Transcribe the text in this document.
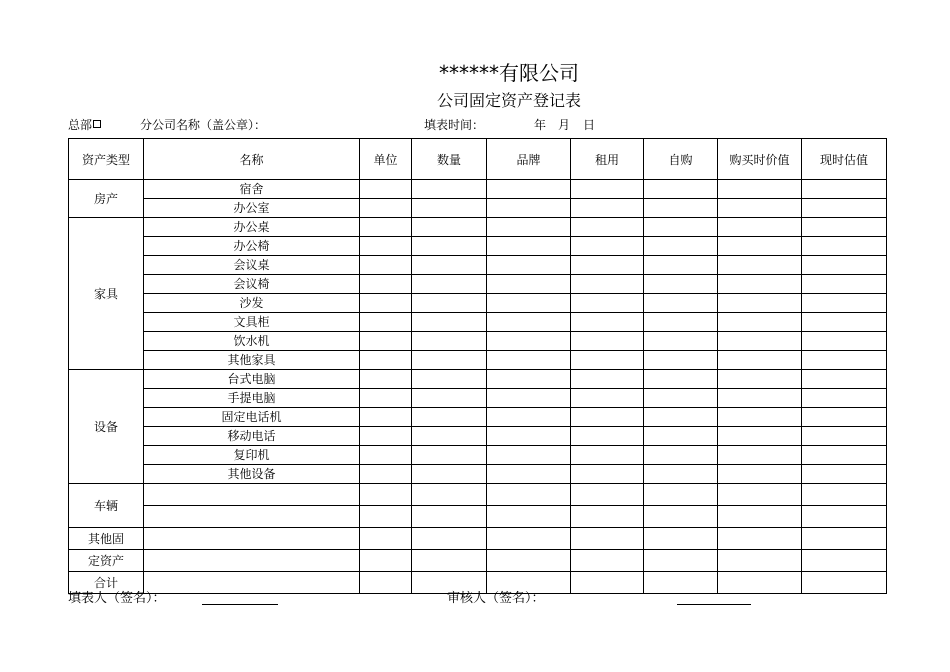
******有限公司
公司固定资产登记表
总部	分公司名称（盖公章）：	填表时间：	年 月 日
资产类型	名称	单位	数量	品牌	租用	自购	购买时价值	现时估值
房产	宿舍							
	办公室							
家具	办公桌							
	办公椅							
	会议桌							
	会议椅							
	沙发							
	文具柜							
	饮水机							
	其他家具							
设备	台式电脑							
	手提电脑							
	固定电话机							
	移动电话							
	复印机							
	其他设备							
车辆								

其他固								
定资产								
合计								
填表人（签名）：	审核人（签名）：
